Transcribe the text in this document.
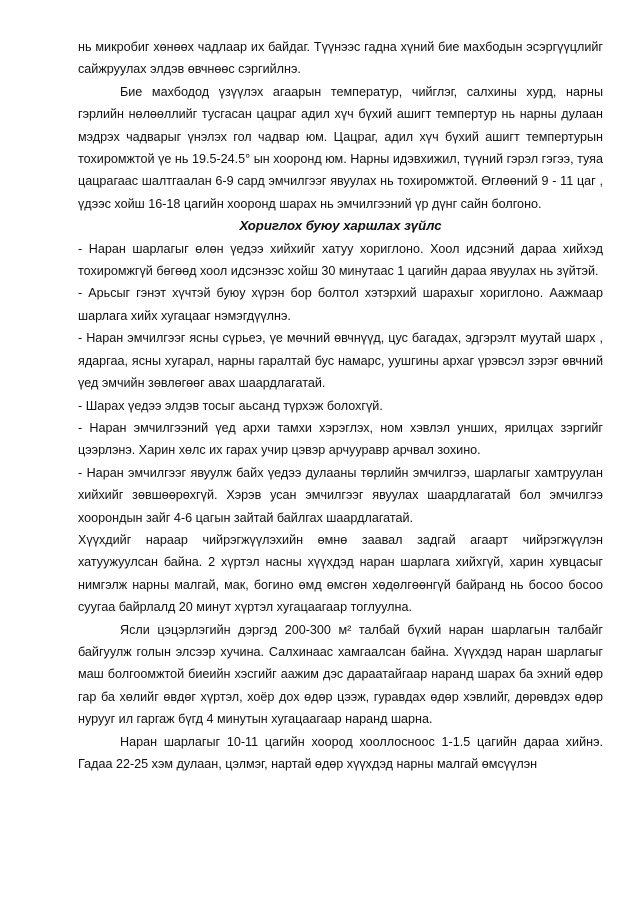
нь микробиг хөнөөх чадлаар их байдаг. Түүнээс гадна хүний бие махбодын эсэргүүцлийг сайжруулах элдэв өвчнөөс сэргийлнэ.

Бие махбодод үзүүлэх агаарын температур, чийглэг, салхины хурд, нарны гэрлийн нөлөөллийг тусгасан цацраг адил хүч бүхий ашигт темпертур нь нарны дулаан мэдрэх чадварыг үнэлэх гол чадвар юм. Цацраг, адил хүч бүхий ашигт темпертурын тохиромжтой үе нь 19.5-24.5° ын хооронд юм. Нарны идэвхижил, түүний гэрэл гэгээ, туяа цацрагаас шалтгаалан 6-9 сард эмчилгээг явуулах нь тохиромжтой. Өглөөний 9 - 11 цаг , үдээс хойш 16-18 цагийн хооронд шарах нь эмчилгээний үр дүнг сайн болгоно.

Хориглох буюу харшлах зүйлс

- Наран шарлагыг өлөн үедээ хийхийг хатуу хориглоно. Хоол идсэний дараа хийхэд тохиромжгүй бөгөөд хоол идсэнээс хойш 30 минутаас 1 цагийн дараа явуулах нь зүйтэй.

- Арьсыг гэнэт хүчтэй буюу хүрэн бор болтол хэтэрхий шарахыг хориглоно. Аажмаар шарлага хийх хугацааг нэмэгдүүлнэ.

- Наран эмчилгээг ясны сүрьеэ, үе мөчний өвчнүүд, цус багадах, эдгэрэлт муутай шарх , ядаргаа, ясны хугарал, нарны гаралтай бус намарс, уушгины архаг үрэвсэл зэрэг өвчний үед эмчийн зөвлөгөөг авах шаардлагатай.

- Шарах үедээ элдэв тосыг аьсанд түрхэж болохгүй.

- Наран эмчилгээний үед архи тамхи хэрэглэх, ном хэвлэл унших, ярилцах зэргийг цээрлэнэ. Харин хөлс их гарах учир цэвэр арчууравр арчвал зохино.

- Наран эмчилгээг явуулж байх үедээ дулааны төрлийн эмчилгээ, шарлагыг хамтруулан хийхийг зөвшөөрөхгүй. Хэрэв усан эмчилгээг явуулах шаардлагатай бол эмчилгээ хоорондын зайг 4-6 цагын зайтай байлгах шаардлагатай.

Хүүхдийг нараар чийрэгжүүлэхийн өмнө заавал задгай агаарт чийрэгжүүлэн хатуужуулсан байна. 2 хүртэл насны хүүхдэд наран шарлага хийхгүй, харин хувцасыг нимгэлж нарны малгай, мак, богино өмд өмсгөн хөдөлгөөнгүй байранд нь босоо босоо суугаа байрлалд 20 минут хүртэл хугацаагаар тоглуулна.

Ясли цэцэрлэгийн дэргэд 200-300 м² талбай бүхий наран шарлагын талбайг байгуулж голын элсээр хучина. Салхинаас хамгаалсан байна. Хүүхдэд наран шарлагыг маш болгоомжтой биеийн хэсгийг аажим дэс дараатайгаар наранд шарах ба эхний өдөр гар ба хөлийг өвдөг хүртэл, хоёр дох өдөр цээж, гуравдах өдөр хэвлийг, дөрөвдэх өдөр нурууг ил гаргаж бүгд 4 минутын хугацаагаар наранд шарна.

Наран шарлагыг 10-11 цагийн хоород хооллосноос 1-1.5 цагийн дараа хийнэ. Гадаа 22-25 хэм дулаан, цэлмэг, нартай өдөр хүүхдэд нарны малгай өмсүүлэн
